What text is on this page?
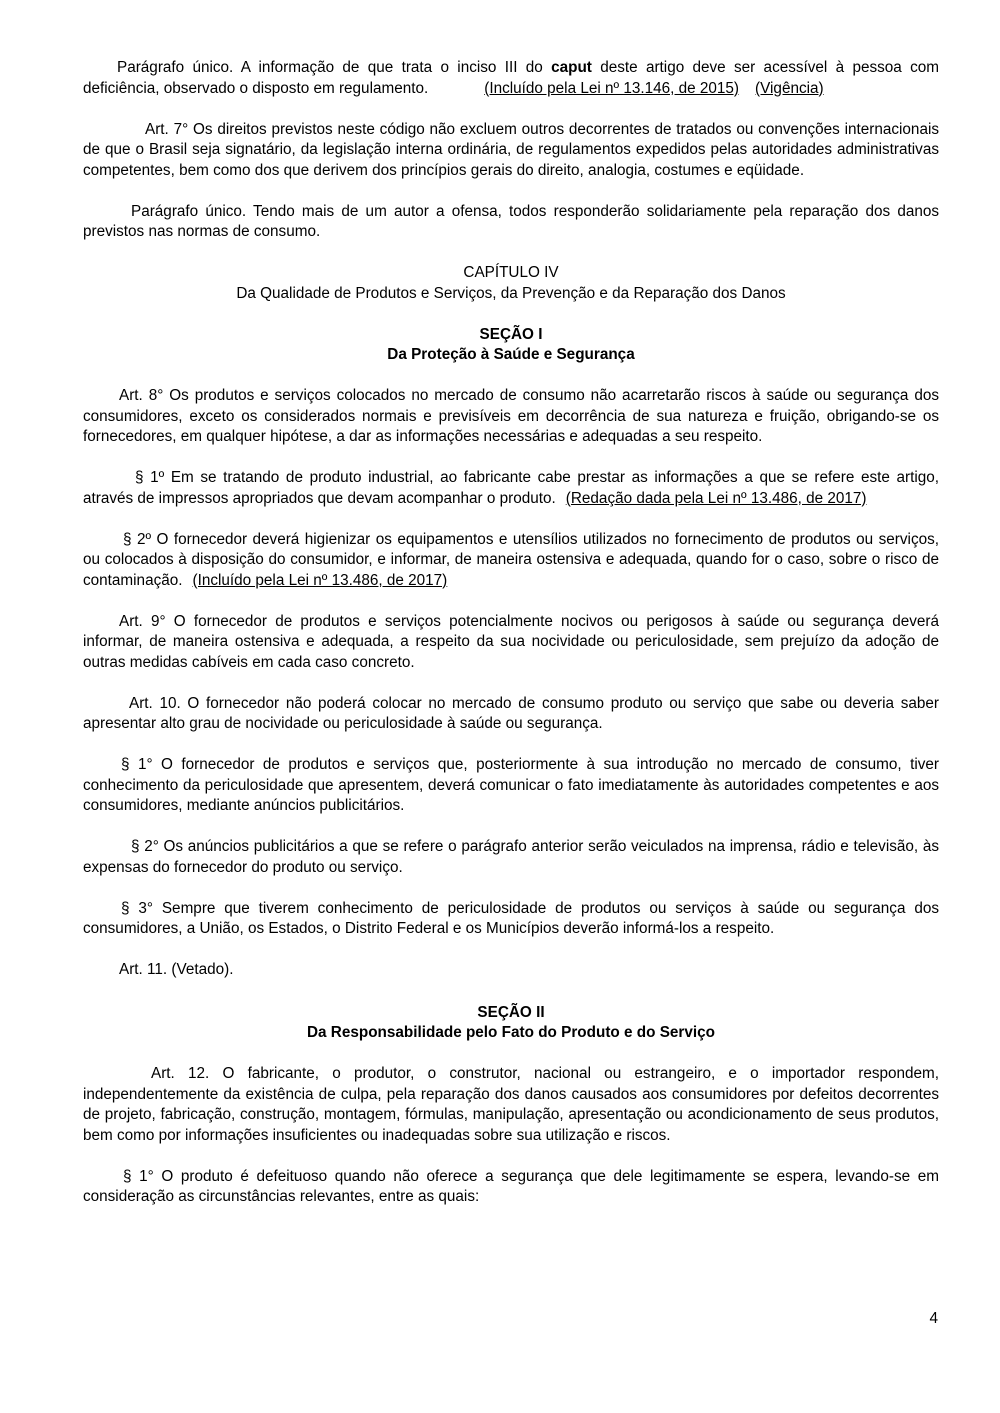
Parágrafo único. A informação de que trata o inciso III do caput deste artigo deve ser acessível à pessoa com deficiência, observado o disposto em regulamento.	(Incluído pela Lei nº 13.146, de 2015) (Vigência)

Art. 7° Os direitos previstos neste código não excluem outros decorrentes de tratados ou convenções internacionais de que o Brasil seja signatário, da legislação interna ordinária, de regulamentos expedidos pelas autoridades administrativas competentes, bem como dos que derivem dos princípios gerais do direito, analogia, costumes e eqüidade.

Parágrafo único. Tendo mais de um autor a ofensa, todos responderão solidariamente pela reparação dos danos previstos nas normas de consumo.

CAPÍTULO IV

Da Qualidade de Produtos e Serviços, da Prevenção e da Reparação dos Danos

SEÇÃO I

Da Proteção à Saúde e Segurança

Art. 8° Os produtos e serviços colocados no mercado de consumo não acarretarão riscos à saúde ou segurança dos consumidores, exceto os considerados normais e previsíveis em decorrência de sua natureza e fruição, obrigando-se os fornecedores, em qualquer hipótese, a dar as informações necessárias e adequadas a seu respeito.

§ 1º Em se tratando de produto industrial, ao fabricante cabe prestar as informações a que se refere este artigo, através de impressos apropriados que devam acompanhar o produto. (Redação dada pela Lei nº 13.486, de 2017)

§ 2º O fornecedor deverá higienizar os equipamentos e utensílios utilizados no fornecimento de produtos ou serviços, ou colocados à disposição do consumidor, e informar, de maneira ostensiva e adequada, quando for o caso, sobre o risco de contaminação. (Incluído pela Lei nº 13.486, de 2017)

Art. 9° O fornecedor de produtos e serviços potencialmente nocivos ou perigosos à saúde ou segurança deverá informar, de maneira ostensiva e adequada, a respeito da sua nocividade ou periculosidade, sem prejuízo da adoção de outras medidas cabíveis em cada caso concreto.

Art. 10. O fornecedor não poderá colocar no mercado de consumo produto ou serviço que sabe ou deveria saber apresentar alto grau de nocividade ou periculosidade à saúde ou segurança.

§ 1° O fornecedor de produtos e serviços que, posteriormente à sua introdução no mercado de consumo, tiver conhecimento da periculosidade que apresentem, deverá comunicar o fato imediatamente às autoridades competentes e aos consumidores, mediante anúncios publicitários.

§ 2° Os anúncios publicitários a que se refere o parágrafo anterior serão veiculados na imprensa, rádio e televisão, às expensas do fornecedor do produto ou serviço.

§ 3° Sempre que tiverem conhecimento de periculosidade de produtos ou serviços à saúde ou segurança dos consumidores, a União, os Estados, o Distrito Federal e os Municípios deverão informá-los a respeito.

Art. 11. (Vetado).

SEÇÃO II

Da Responsabilidade pelo Fato do Produto e do Serviço

Art. 12. O fabricante, o produtor, o construtor, nacional ou estrangeiro, e o importador respondem, independentemente da existência de culpa, pela reparação dos danos causados aos consumidores por defeitos decorrentes de projeto, fabricação, construção, montagem, fórmulas, manipulação, apresentação ou acondicionamento de seus produtos, bem como por informações insuficientes ou inadequadas sobre sua utilização e riscos.

§ 1° O produto é defeituoso quando não oferece a segurança que dele legitimamente se espera, levando-se em consideração as circunstâncias relevantes, entre as quais:

4
